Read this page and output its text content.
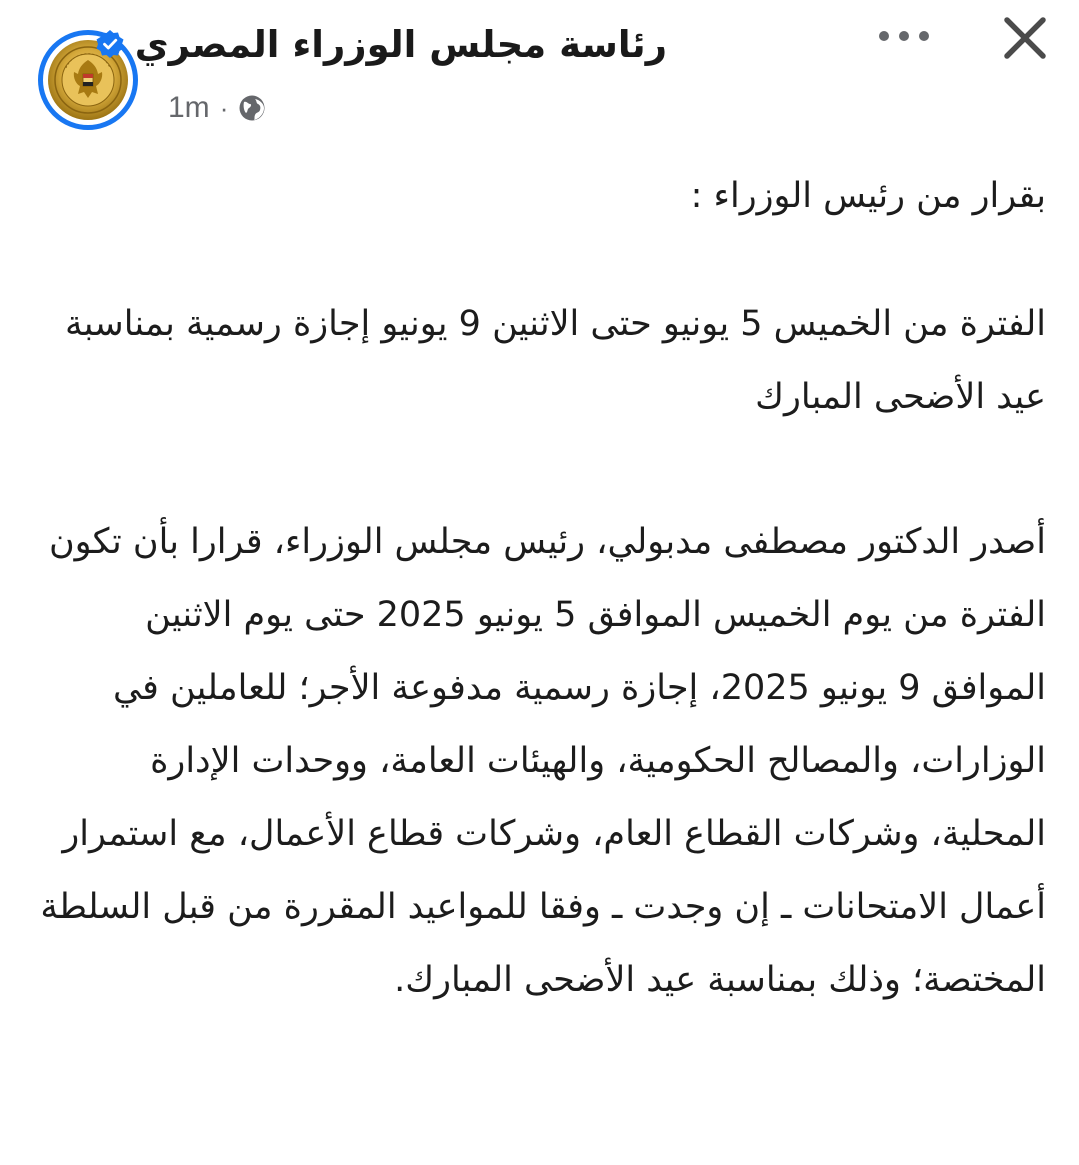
رئاسة مجلس الوزراء المصري
1m ·

بقرار من رئيس الوزراء :

الفترة من الخميس 5 يونيو حتى الاثنين 9 يونيو إجازة رسمية بمناسبة عيد الأضحى المبارك

أصدر الدكتور مصطفى مدبولي، رئيس مجلس الوزراء، قرارا بأن تكون الفترة من يوم الخميس الموافق 5 يونيو 2025 حتى يوم الاثنين الموافق 9 يونيو 2025، إجازة رسمية مدفوعة الأجر؛ للعاملين في الوزارات، والمصالح الحكومية، والهيئات العامة، ووحدات الإدارة المحلية، وشركات القطاع العام، وشركات قطاع الأعمال، مع استمرار أعمال الامتحانات ـ إن وجدت ـ وفقا للمواعيد المقررة من قبل السلطة المختصة؛ وذلك بمناسبة عيد الأضحى المبارك.
